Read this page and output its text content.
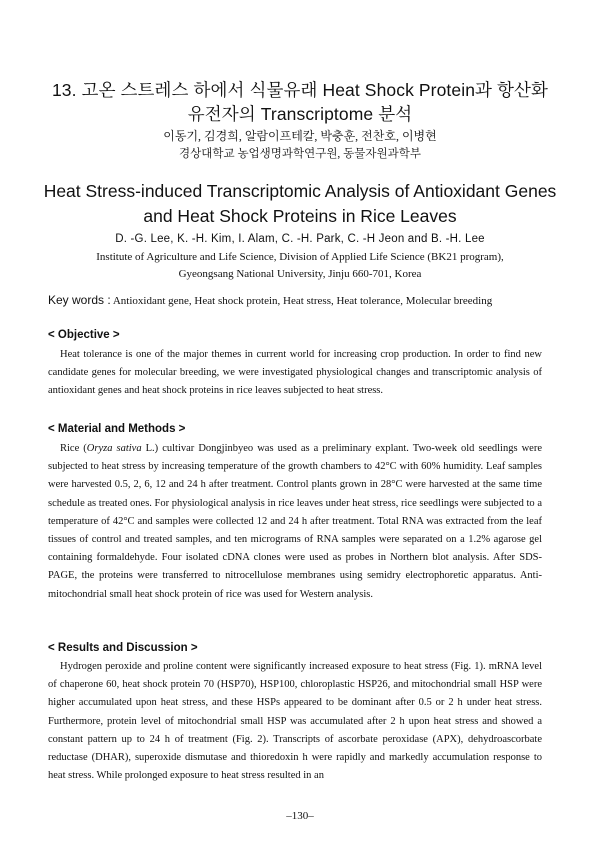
13. 고온 스트레스 하에서 식물유래 Heat Shock Protein과 항산화
유전자의 Transcriptome 분석
이동기, 김경희, 알람이프테칼, 박충훈, 전찬호, 이병현
경상대학교 농업생명과학연구원, 동물자원과학부
Heat Stress-induced Transcriptomic Analysis of Antioxidant Genes
and Heat Shock Proteins in Rice Leaves
D. -G. Lee, K. -H. Kim, I. Alam, C. -H. Park, C. -H Jeon and B. -H. Lee
Institute of Agriculture and Life Science, Division of Applied Life Science (BK21 program),
Gyeongsang National University, Jinju 660-701, Korea
Key words : Antioxidant gene, Heat shock protein, Heat stress, Heat tolerance, Molecular breeding
< Objective >

Heat tolerance is one of the major themes in current world for increasing crop production. In order to find new candidate genes for molecular breeding, we were investigated physiological changes and transcriptomic analysis of antioxidant genes and heat shock proteins in rice leaves subjected to heat stress.

< Material and Methods >

Rice (Oryza sativa L.) cultivar Dongjinbyeo was used as a preliminary explant. Two-week old seedlings were subjected to heat stress by increasing temperature of the growth chambers to 42°C with 60% humidity. Leaf samples were harvested 0.5, 2, 6, 12 and 24 h after treatment. Control plants grown in 28°C were harvested at the same time schedule as treated ones. For physiological analysis in rice leaves under heat stress, rice seedlings were subjected to a temperature of 42°C and samples were collected 12 and 24 h after treatment. Total RNA was extracted from the leaf tissues of control and treated samples, and ten micrograms of RNA samples were separated on a 1.2% agarose gel containing formaldehyde. Four isolated cDNA clones were used as probes in Northern blot analysis. After SDS-PAGE, the proteins were transferred to nitrocellulose membranes using semidry electrophoretic apparatus. Anti-mitochondrial small heat shock protein of rice was used for Western analysis.

< Results and Discussion >

Hydrogen peroxide and proline content were significantly increased exposure to heat stress (Fig. 1). mRNA level of chaperone 60, heat shock protein 70 (HSP70), HSP100, chloroplastic HSP26, and mitochondrial small HSP were higher accumulated upon heat stress, and these HSPs appeared to be dominant after 0.5 or 2 h under heat stress. Furthermore, protein level of mitochondrial small HSP was accumulated after 2 h upon heat stress and showed a constant pattern up to 24 h of treatment (Fig. 2). Transcripts of ascorbate peroxidase (APX), dehydroascorbate reductase (DHAR), superoxide dismutase and thioredoxin h were rapidly and markedly accumulation response to heat stress. While prolonged exposure to heat stress resulted in an

–130–
